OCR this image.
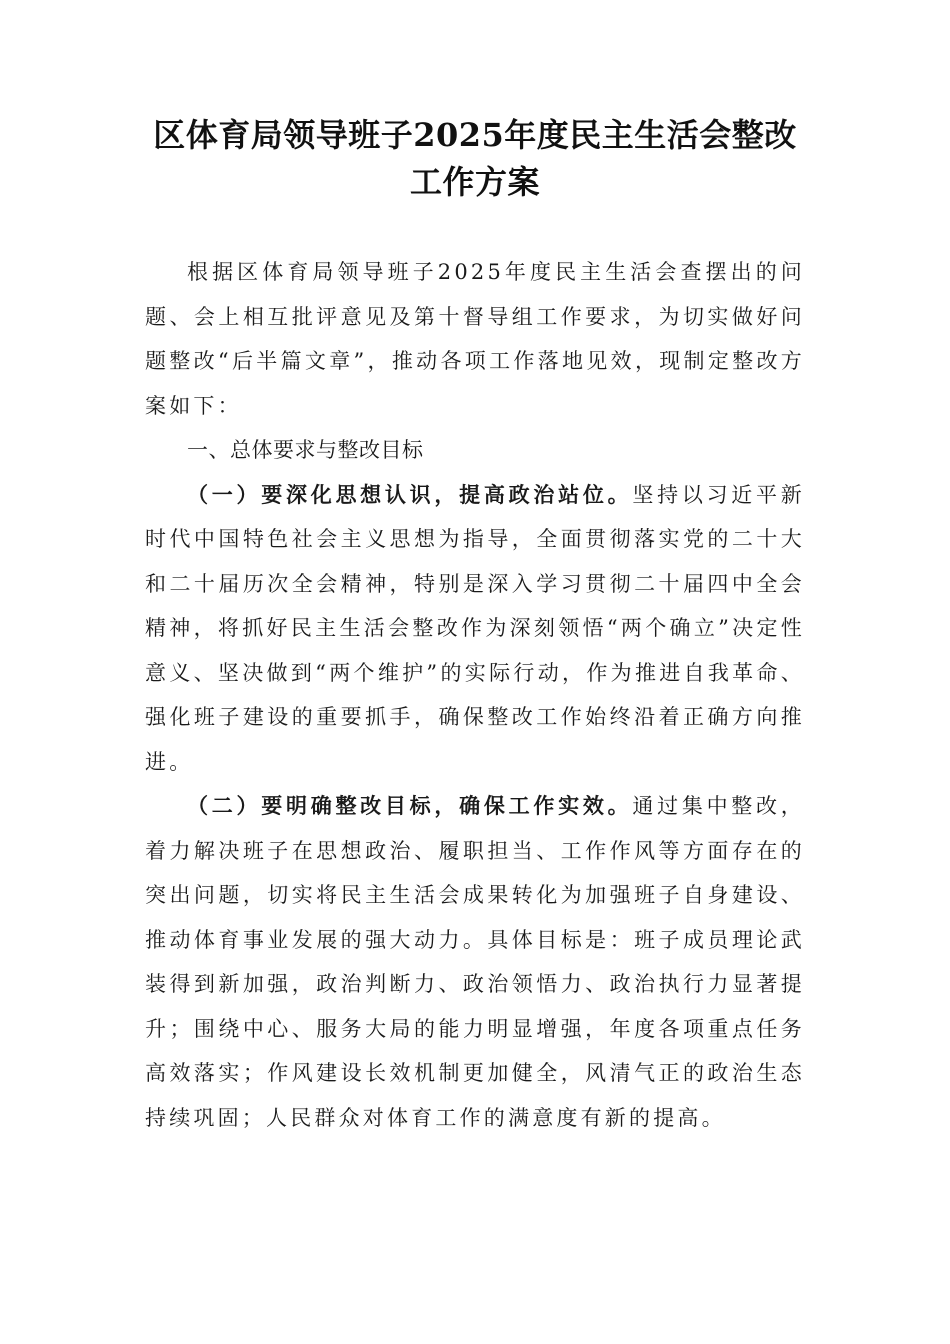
区体育局领导班子2025年度民主生活会整改工作方案

根据区体育局领导班子2025年度民主生活会查摆出的问题、会上相互批评意见及第十督导组工作要求，为切实做好问题整改“后半篇文章”，推动各项工作落地见效，现制定整改方案如下：

一、总体要求与整改目标

（一）要深化思想认识，提高政治站位。坚持以习近平新时代中国特色社会主义思想为指导，全面贯彻落实党的二十大和二十届历次全会精神，特别是深入学习贯彻二十届四中全会精神，将抓好民主生活会整改作为深刻领悟“两个确立”决定性意义、坚决做到“两个维护”的实际行动，作为推进自我革命、强化班子建设的重要抓手，确保整改工作始终沿着正确方向推进。

（二）要明确整改目标，确保工作实效。通过集中整改，着力解决班子在思想政治、履职担当、工作作风等方面存在的突出问题，切实将民主生活会成果转化为加强班子自身建设、推动体育事业发展的强大动力。具体目标是：班子成员理论武装得到新加强，政治判断力、政治领悟力、政治执行力显著提升；围绕中心、服务大局的能力明显增强，年度各项重点任务高效落实；作风建设长效机制更加健全，风清气正的政治生态持续巩固；人民群众对体育工作的满意度有新的提高。
